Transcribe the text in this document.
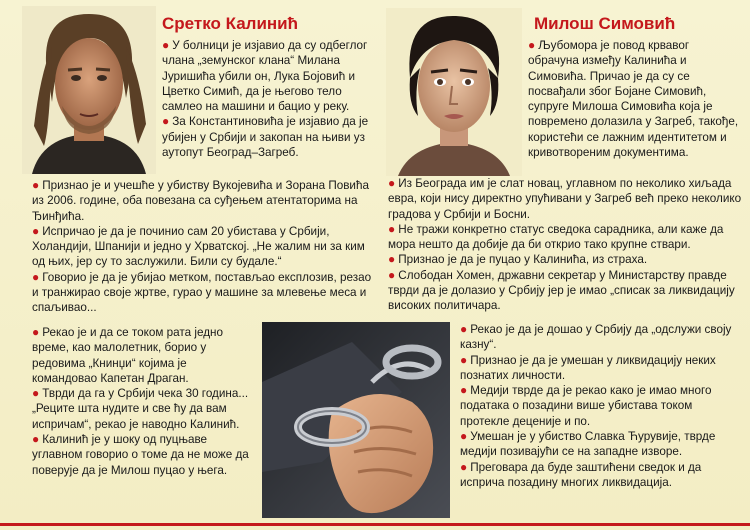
Сретко Калинић

● У болници је изјавио да су одбеглог члана „земунског клана“ Милана Јуришића убили он, Лука Бојовић и Цветко Симић, да је његово тело самлео на машини и бацио у реку.

● За Константиновића је изјавио да је убијен у Србији и закопан на њиви уз аутопут Београд–Загреб.

● Признао је и учешће у убиству Вукојевића и Зорана Повића из 2006. године, оба повезана са суђењем атентаторима на Ђинђића.

● Испричао је да је починио сам 20 убистава у Србији, Холандији, Шпанији и једно у Хрватској. „Не жалим ни за ким од њих, јер су то заслужили. Били су будале.“

● Говорио је да је убијао метком, постављао експлозив, резао и транжирао своје жртве, гурао у машине за млевење меса и спаљивао...

● Рекао је и да се током рата једно време, као малолетник, борио у редовима „Книнџи“ којима је командовао Капетан Драган.

● Тврди да га у Србији чека 30 година... „Реците шта нудите и све ћу да вам испричам“, рекао је наводно Калинић.

● Калинић је у шоку од пуцњаве углавном говорио о томе да не може да поверује да је Милош пуцао у њега.

Милош Симовић

● Љубоморa је повод крвавог обрачуна између Калинића и Симовића. Причао је да су се посвађали због Бојане Симовић, супруге Милоша Симовића која је повремено долазила у Загреб, такође, користећи се лажним идентитетом и кривотвореним документима.

● Из Београда им је слат новац, углавном по неколико хиљада евра, који нису директно упућивани у Загреб већ преко неколико градова у Србији и Босни.

● Не тражи конкретно статус сведока сарадника, али каже да мора нешто да добије да би открио тако крупне ствари.

● Признао је да је пуцао у Калинића, из страха.

● Слободан Хомен, државни секретар у Министарству правде тврди да је долазио у Србију јер је имао „списак за ликвидацију високих политичара.

● Рекао је да је дошао у Србију да „одслужи своју казну“.

● Признао је да је умешан у ликвидацију неких познатих личности.

● Медији тврде да је рекао како је имао много података о позадини више убистава током протекле деценије и по.

● Умешан је у убиство Славка Ћурувије, тврде медији позивајући се на западне изворе.

● Преговара да буде заштићени сведок и да исприча позадину многих ликвидација.
